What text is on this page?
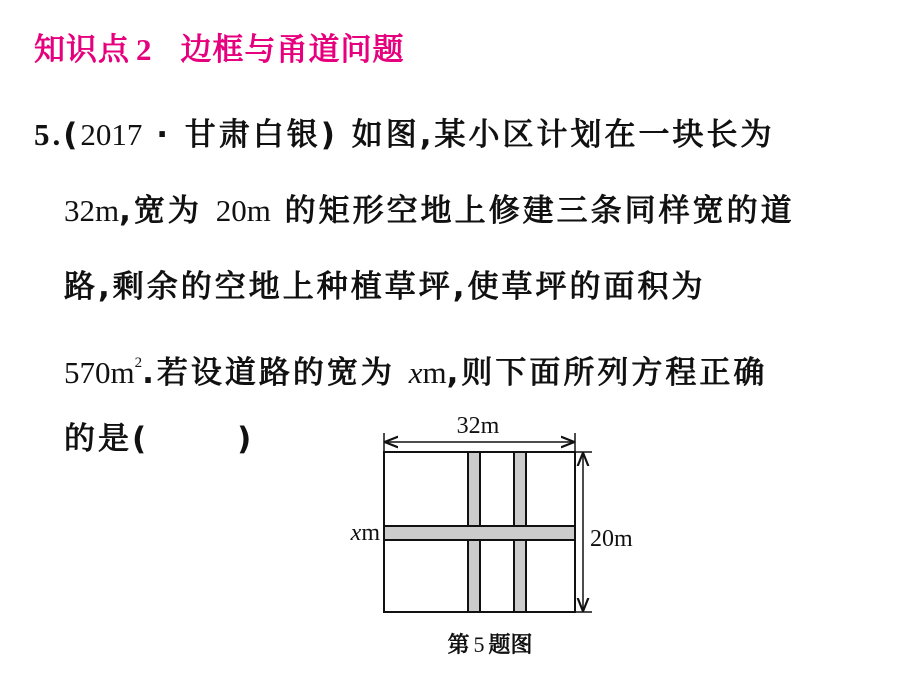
知识点 2 边框与甬道问题
5.(2017 · 甘肃白银) 如图,某小区计划在一块长为
32m,宽为 20m 的矩形空地上修建三条同样宽的道
路,剩余的空地上种植草坪,使草坪的面积为
$570m^2$.若设道路的宽为 xm,则下面所列方程正确
的是(	)	32m
20m
xm
第 5 题图
